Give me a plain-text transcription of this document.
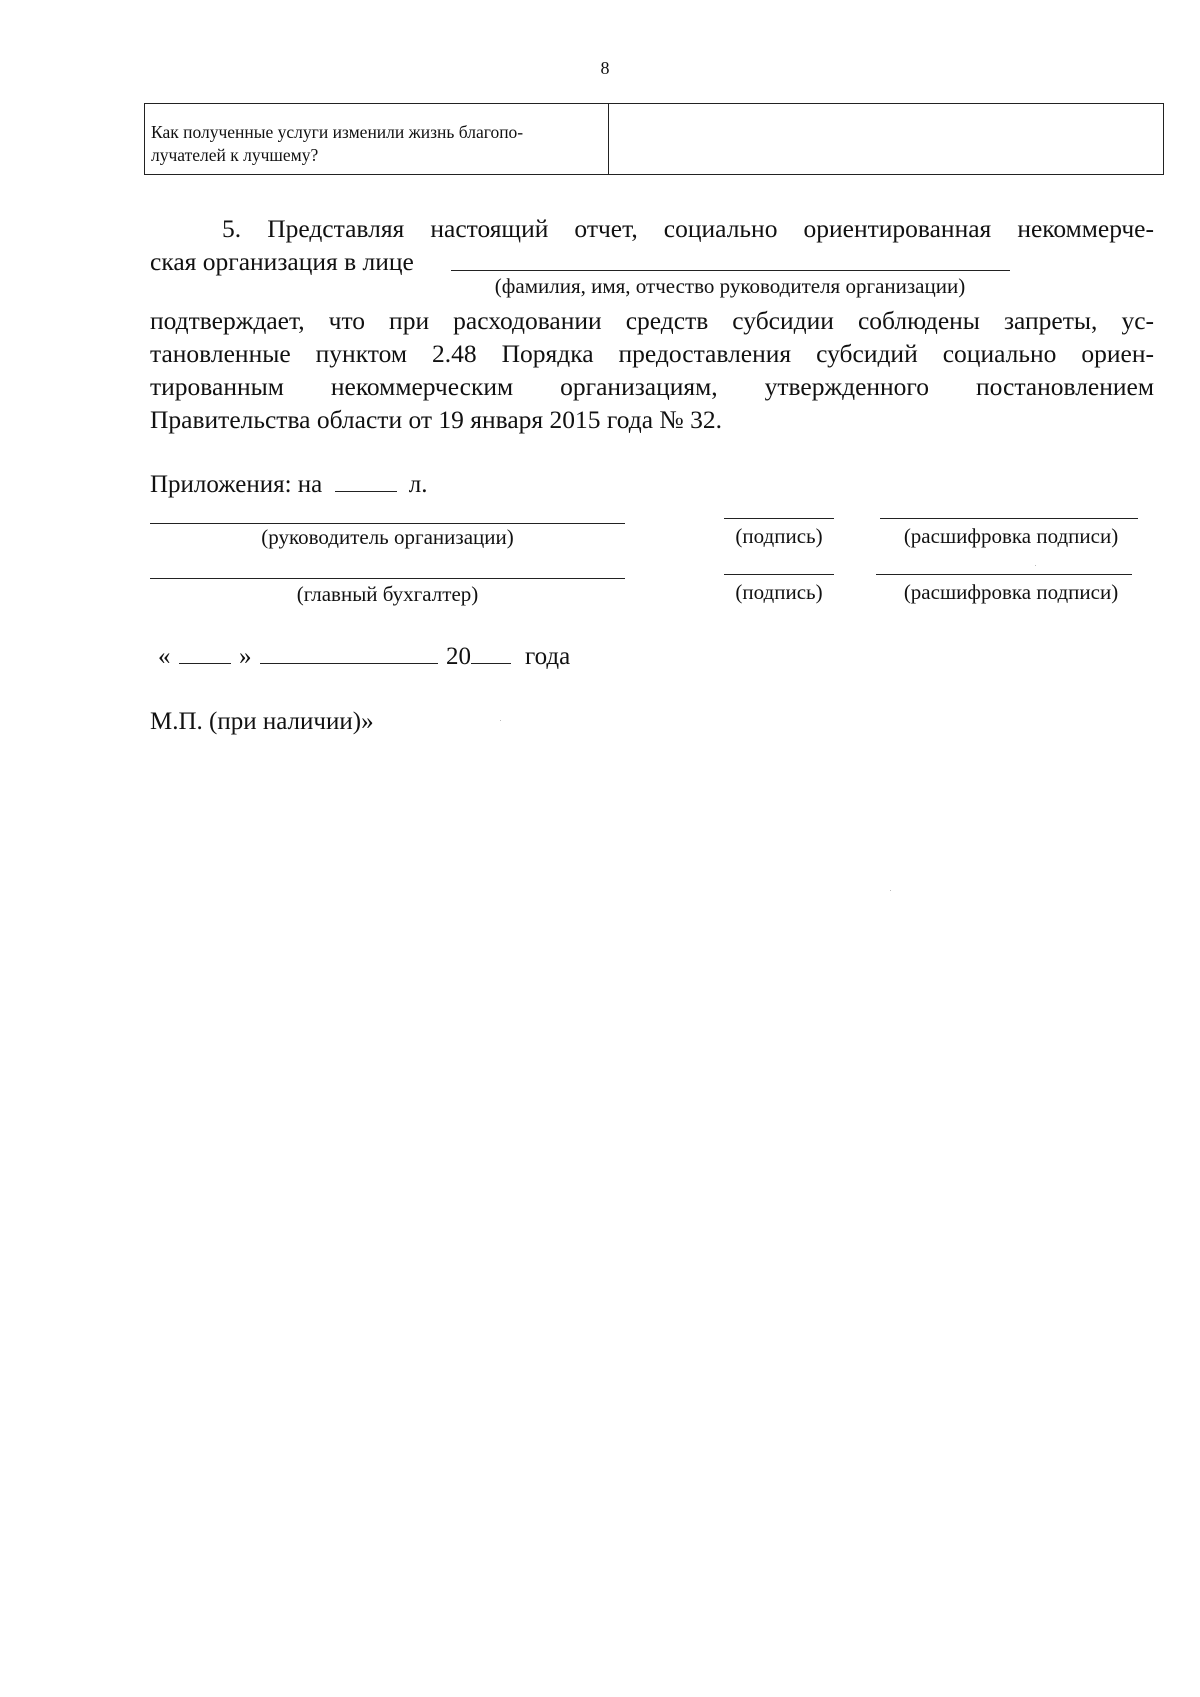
8
Как полученные услуги изменили жизнь благопо-
лучателей к лучшему?
5. Представляя настоящий отчет, социально ориентированная некоммерче-
ская организация в лице
(фамилия, имя, отчество руководителя организации)
подтверждает, что при расходовании средств субсидии соблюдены запреты, ус-
тановленные пунктом 2.48 Порядка предоставления субсидий социально ориен-
тированным некоммерческим организациям, утвержденного постановлением
Правительства области от 19 января 2015 года № 32.
Приложения: на	л.
(руководитель организации)	(подпись)	(расшифровка подписи)
(главный бухгалтер)	(подпись)	(расшифровка подписи)
«	»	20 года
М.П. (при наличии)»
